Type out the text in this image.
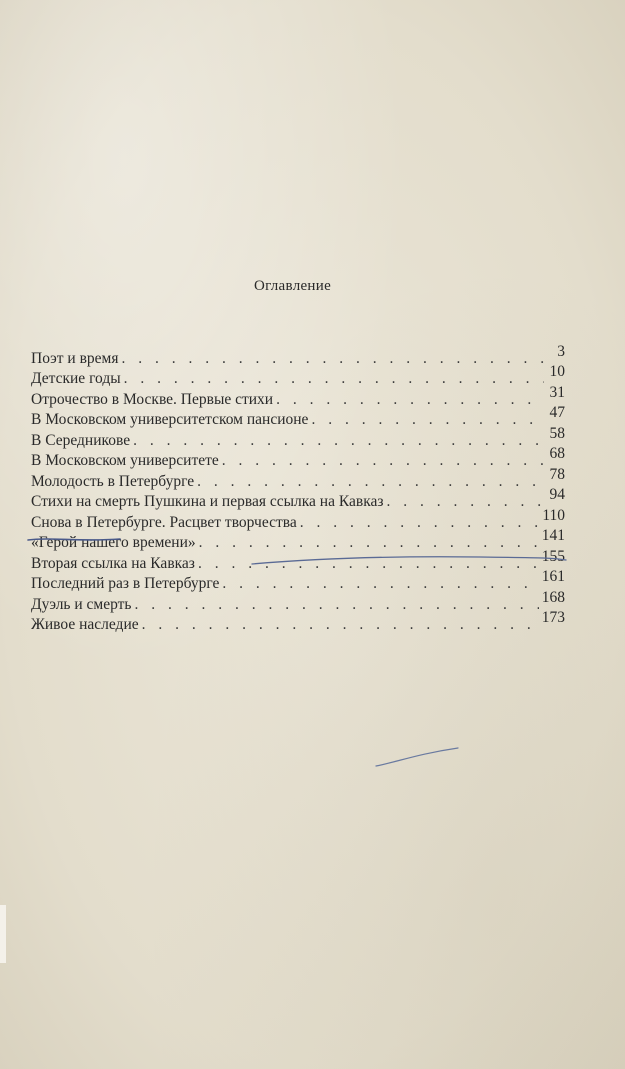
Оглавление
Поэт и время . . .	3
Детские годы . . .	10
Отрочество в Москве. Первые стихи . . .	31
В Московском университетском пансионе . . .	47
В Середникове . . .	58
В Московском университете . . .	68
Молодость в Петербурге . . .	78
Стихи на смерть Пушкина и первая ссылка на Кавказ . . .	94
Снова в Петербурге. Расцвет творчества . . .	110
«Герой нашего времени» . . .	141
Вторая ссылка на Кавказ . . .	155
Последний раз в Петербурге . . .	161
Дуэль и смерть . . .	168
Живое наследие . . .	173
